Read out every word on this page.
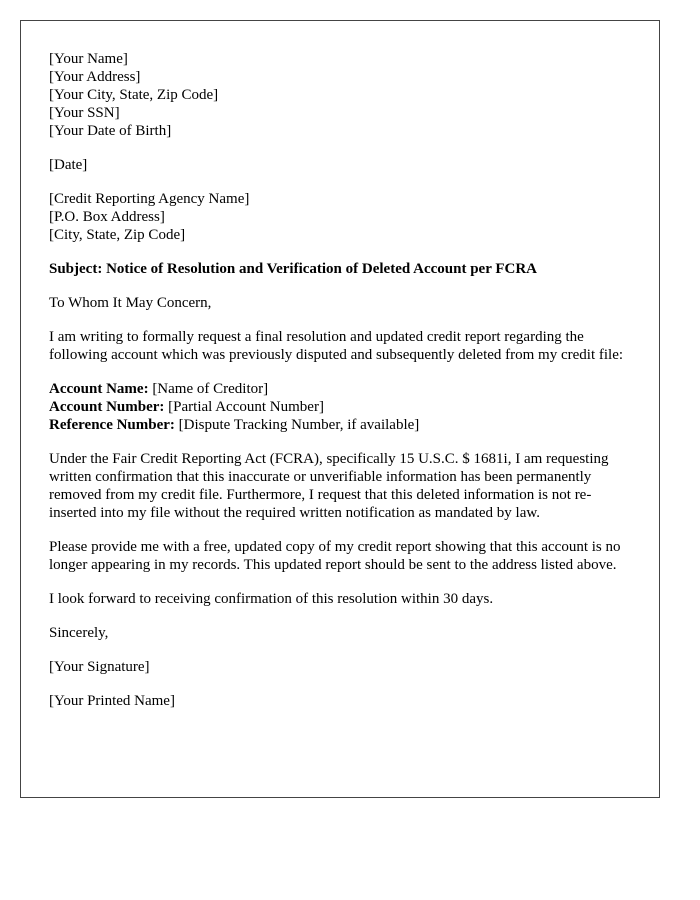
[Your Name]
[Your Address]
[Your City, State, Zip Code]
[Your SSN]
[Your Date of Birth]

[Date]

[Credit Reporting Agency Name]
[P.O. Box Address]
[City, State, Zip Code]

Subject: Notice of Resolution and Verification of Deleted Account per FCRA

To Whom It May Concern,

I am writing to formally request a final resolution and updated credit report regarding the following account which was previously disputed and subsequently deleted from my credit file:

Account Name: [Name of Creditor]
Account Number: [Partial Account Number]
Reference Number: [Dispute Tracking Number, if available]

Under the Fair Credit Reporting Act (FCRA), specifically 15 U.S.C. $ 1681i, I am requesting written confirmation that this inaccurate or unverifiable information has been permanently removed from my credit file. Furthermore, I request that this deleted information is not re-inserted into my file without the required written notification as mandated by law.

Please provide me with a free, updated copy of my credit report showing that this account is no longer appearing in my records. This updated report should be sent to the address listed above.

I look forward to receiving confirmation of this resolution within 30 days.

Sincerely,

[Your Signature]

[Your Printed Name]
